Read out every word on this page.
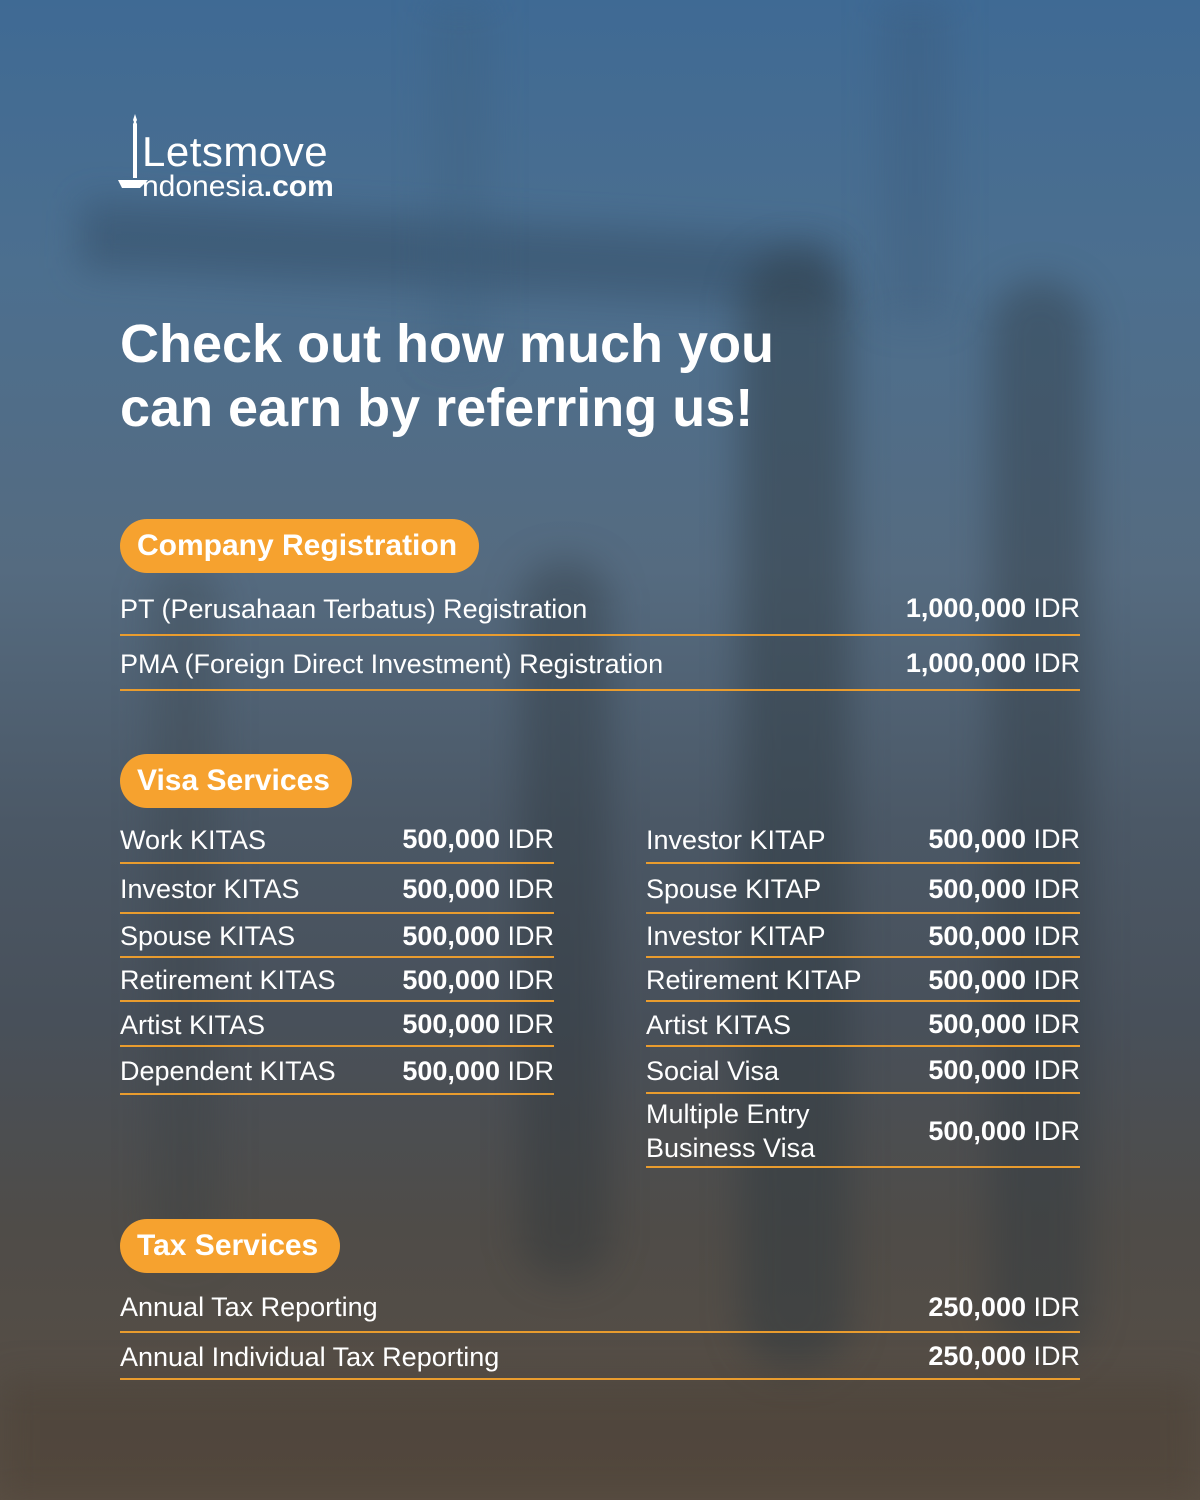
Letsmove
ndonesia.com
Check out how much you
can earn by referring us!
Company Registration
PT (Perusahaan Terbatus) Registration	1,000,000 IDR
PMA (Foreign Direct Investment) Registration	1,000,000 IDR
Visa Services
Work KITAS	500,000 IDR
Investor KITAS	500,000 IDR
Spouse KITAS	500,000 IDR
Retirement KITAS 500,000 IDR
Artist KITAS	500,000 IDR
Dependent KITAS 500,000 IDR
Investor KITAP	500,000 IDR
Spouse KITAP	500,000 IDR
Investor KITAP	500,000 IDR
Retirement KITAP 500,000 IDR
Artist KITAS	500,000 IDR
Social Visa	500,000 IDR
Multiple Entry
Business Visa
500,000 IDR
Tax Services
Annual Tax Reporting	250,000 IDR
Annual Individual Tax Reporting	250,000 IDR
